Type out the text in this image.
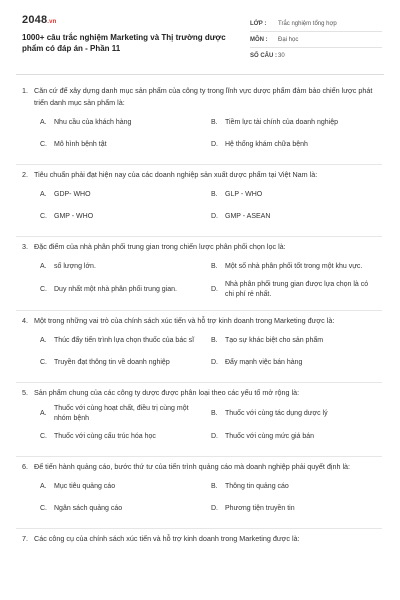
2048.vn
1000+ câu trắc nghiệm Marketing và Thị trường dược phẩm có đáp án - Phần 11
LỚP :	Trắc nghiệm tổng hợp
MÔN :	Đại học
SỐ CÂU : 30
1. Căn cứ để xây dựng danh mục sản phẩm của công ty trong lĩnh vực dược phẩm đảm bảo chiến lược phát triển danh mục sản phẩm là:
A.	Nhu cầu của khách hàng	B.	Tiềm lực tài chính của doanh nghiệp
C.	Mô hình bệnh tật	D.	Hệ thống khám chữa bệnh
2. Tiêu chuẩn phải đạt hiện nay của các doanh nghiệp sản xuất dược phẩm tại Việt Nam là:
A.	GDP- WHO	B.	GLP - WHO
C.	GMP - WHO	D.	GMP - ASEAN
3. Đặc điểm của nhà phân phối trung gian trong chiến lược phân phối chọn lọc là:
A.	số lượng lớn.	B.	Một số nhà phân phối tốt trong một khu vực.
C.	Duy nhất một nhà phân phối trung gian.	D.
Nhà phân phối trung gian được lựa chọn là có chi phí rẻ nhất.
4. Một trong những vai trò của chính sách xúc tiến và hỗ trợ kinh doanh trong Marketing được là:
A.	Thúc đẩy tiến trình lựa chọn thuốc của bác sĩ	B.	Tạo sự khác biệt cho sản phẩm
C.	Truyền đạt thông tin về doanh nghiệp	D.	Đẩy mạnh việc bán hàng
5. Sản phẩm chung của các công ty dược được phân loại theo các yếu tố mở rộng là:
A.
Thuốc với cùng hoạt chất, điều trị cùng một nhóm bệnh
B.	Thuốc với cùng tác dụng dược lý
C.	Thuốc với cùng cấu trúc hóa học	D.	Thuốc với cùng mức giá bán
6. Để tiến hành quảng cáo, bước thứ tư của tiến trình quảng cáo mà doanh nghiệp phải quyết định là:
A.	Mục tiêu quảng cáo	B.	Thông tin quảng cáo
C.	Ngân sách quảng cáo	D.	Phương tiện truyền tin
7. Các công cụ của chính sách xúc tiến và hỗ trợ kinh doanh trong Marketing được là:
